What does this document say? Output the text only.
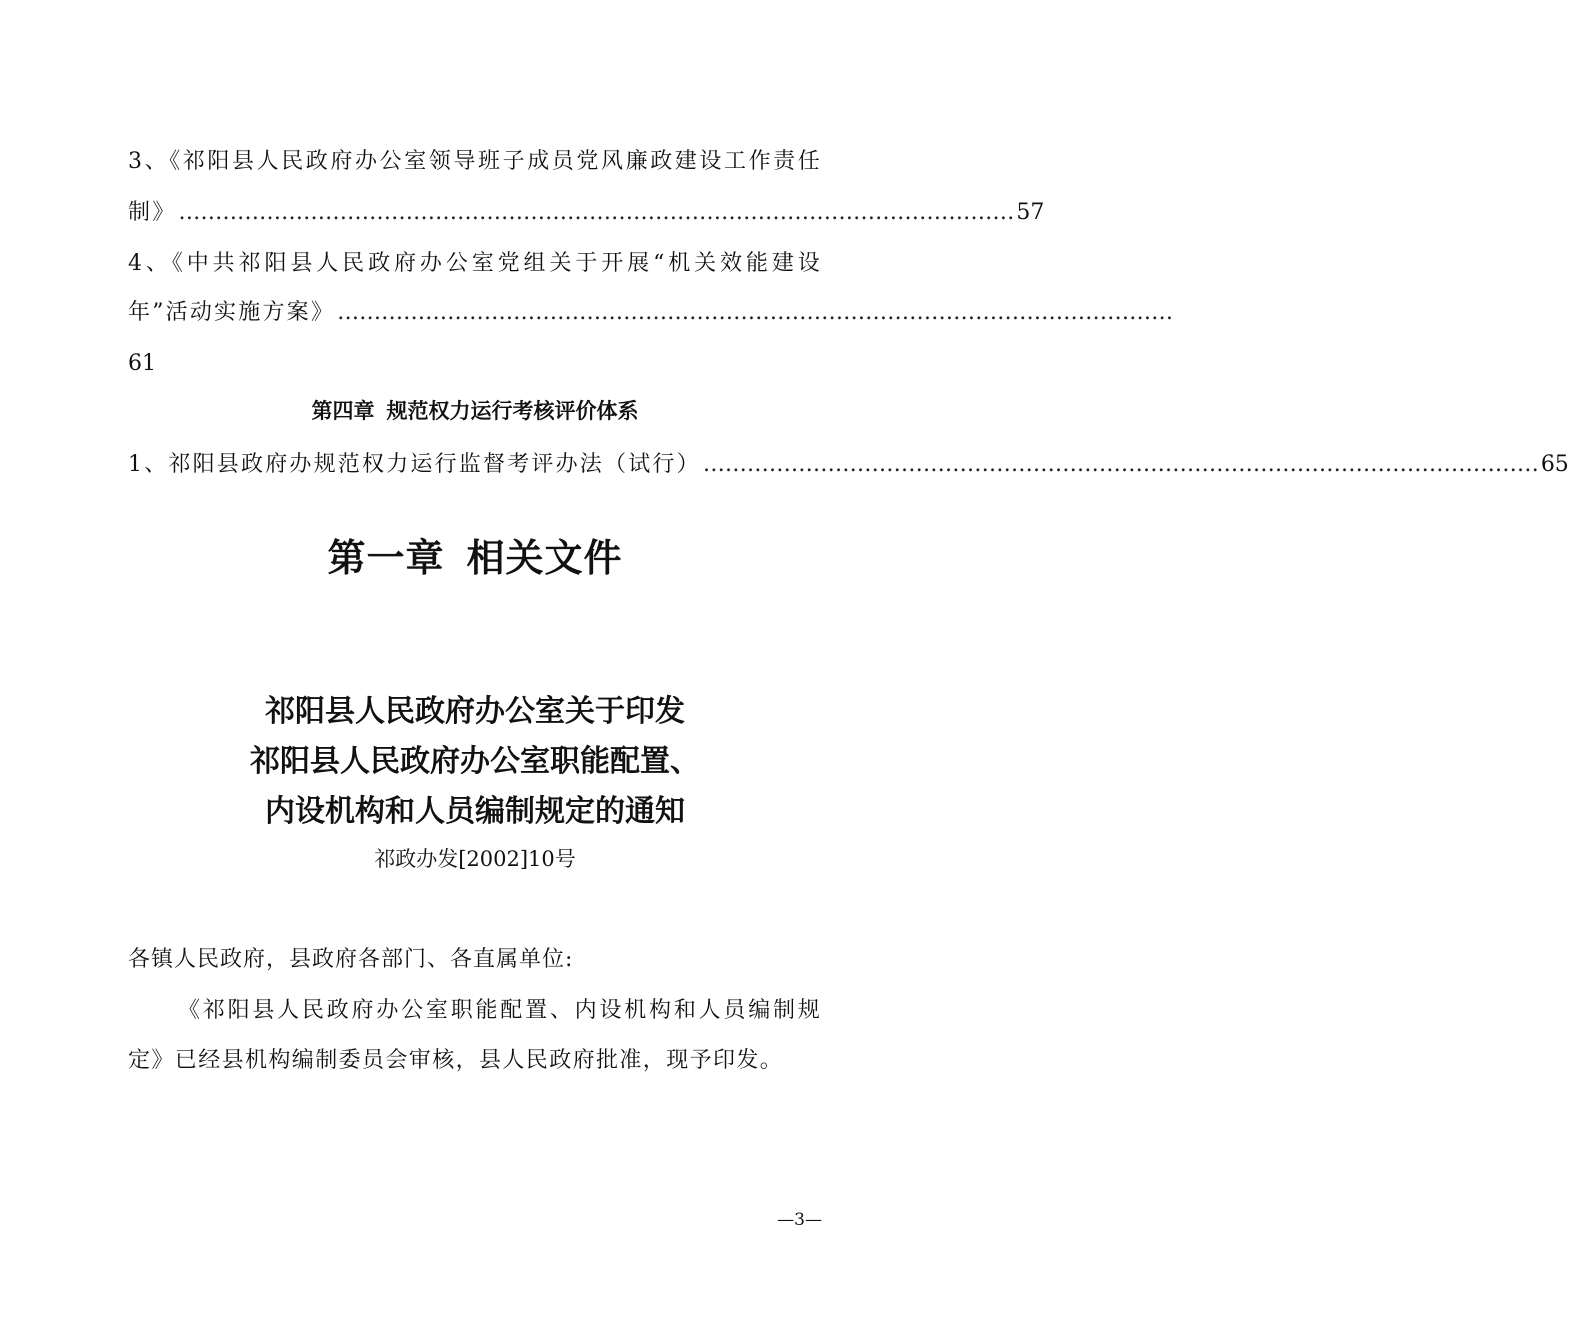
3、《祁阳县人民政府办公室领导班子成员党风廉政建设工作责任
制》 …………………………………………………………………………………………………… 57
4、《中共祁阳县人民政府办公室党组关于开展“机关效能建设
年”活动实施方案》 ……………………………………………………………………………………………………
61
第四章 规范权力运行考核评价体系
1、祁阳县政府办规范权力运行监督考评办法（试行） …………………………………………………………………………………………………… 65
第一章 相关文件
祁阳县人民政府办公室关于印发
祁阳县人民政府办公室职能配置、
内设机构和人员编制规定的通知
祁政办发[2002]10号
各镇人民政府，县政府各部门、各直属单位:
《祁阳县人民政府办公室职能配置、内设机构和人员编制规
定》已经县机构编制委员会审核，县人民政府批准，现予印发。
—3—
